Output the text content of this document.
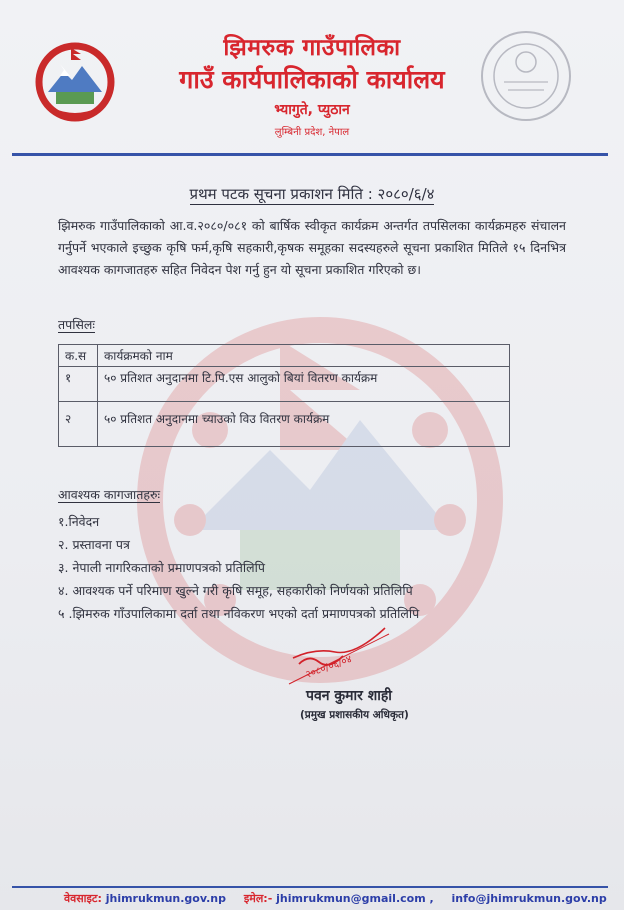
झिमरुक गाउँपालिका
गाउँ कार्यपालिकाको कार्यालय
भ्यागुते, प्युठान
लुम्बिनी प्रदेश, नेपाल
प्रथम पटक सूचना प्रकाशन मिति : २०८०/६/४
झिमरुक गाउँपालिकाको आ.व.२०८०/०८१ को बार्षिक स्वीकृत कार्यक्रम अन्तर्गत तपसिलका कार्यक्रमहरु संचालन गर्नुपर्ने भएकाले इच्छुक कृषि फर्म,कृषि सहकारी,कृषक समूहका सदस्यहरुले सूचना प्रकाशित मितिले १५ दिनभित्र आवश्यक कागजातहरु सहित निवेदन पेश गर्नु हुन यो सूचना प्रकाशित गरिएको छ।
तपसिलः
क.स	कार्यक्रमको नाम
१	५० प्रतिशत अनुदानमा टि.पि.एस आलुको बियां वितरण कार्यक्रम
२	५० प्रतिशत अनुदानमा च्याउको विउ वितरण कार्यक्रम
आवश्यक कागजातहरुः
१.निवेदन
२. प्रस्तावना पत्र
३. नेपाली नागरिकताको प्रमाणपत्रको प्रतिलिपि
४. आवश्यक पर्ने परिमाण खुल्ने गरी कृषि समूह, सहकारीको निर्णयको प्रतिलिपि
५ .झिमरुक गाँउपालिकामा दर्ता तथा नविकरण भएको दर्ता प्रमाणपत्रको प्रतिलिपि
२०८०/०६/०४
पवन कुमार शाही
(प्रमुख प्रशासकीय अधिकृत)
वेवसाइट: jhimrukmun.gov.np इमेल:- jhimrukmun@gmail.com , info@jhimrukmun.gov.np
